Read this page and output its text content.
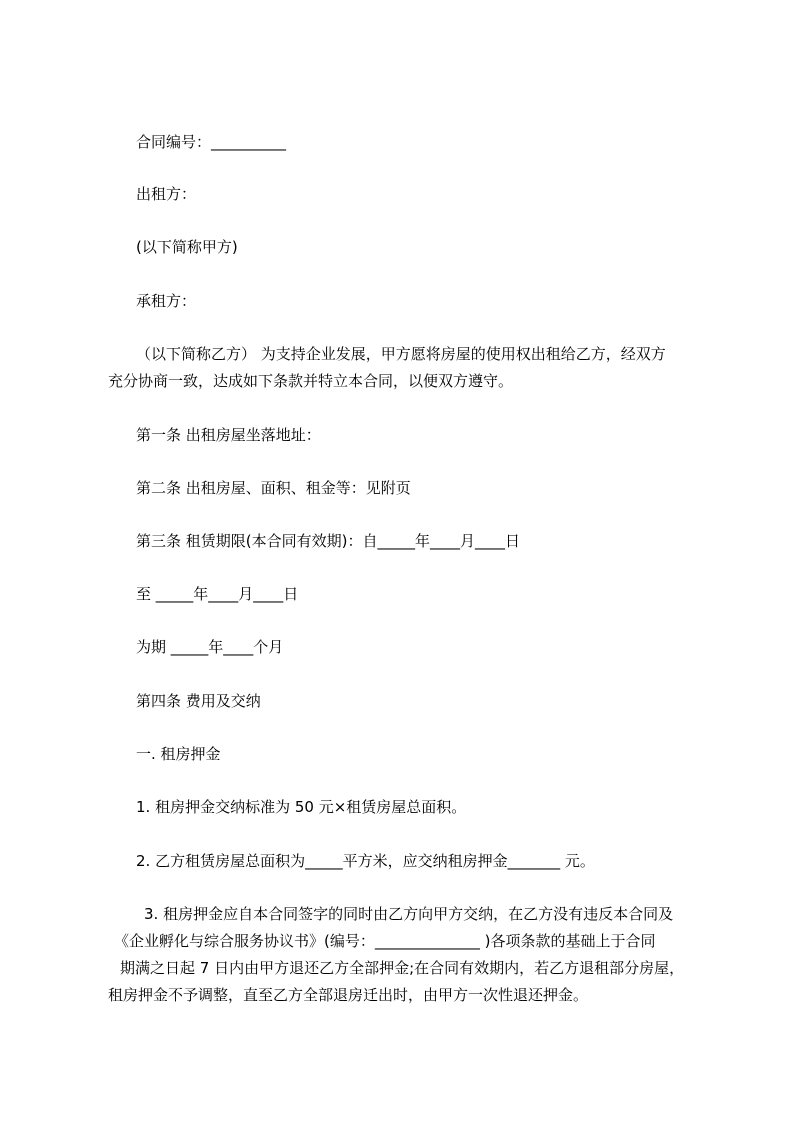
合同编号：__________

出租方：

(以下简称甲方)

承租方：

（以下简称乙方） 为支持企业发展，甲方愿将房屋的使用权出租给乙方，经双方

充分协商一致，达成如下条款并特立本合同，以便双方遵守。

第一条 出租房屋坐落地址：

第二条 出租房屋、面积、租金等：见附页

第三条 租赁期限(本合同有效期)：自_____年____月____日

至 _____年____月____日

为期 _____年____个月

第四条 费用及交纳

一. 租房押金

1. 租房押金交纳标准为 50 元×租赁房屋总面积。

2. 乙方租赁房屋总面积为_____平方米，应交纳租房押金_______ 元。

3. 租房押金应自本合同签字的同时由乙方向甲方交纳，在乙方没有违反本合同及

《企业孵化与综合服务协议书》(编号：______________ )各项条款的基础上于合同

期满之日起 7 日内由甲方退还乙方全部押金;在合同有效期内，若乙方退租部分房屋，

租房押金不予调整，直至乙方全部退房迁出时，由甲方一次性退还押金。
